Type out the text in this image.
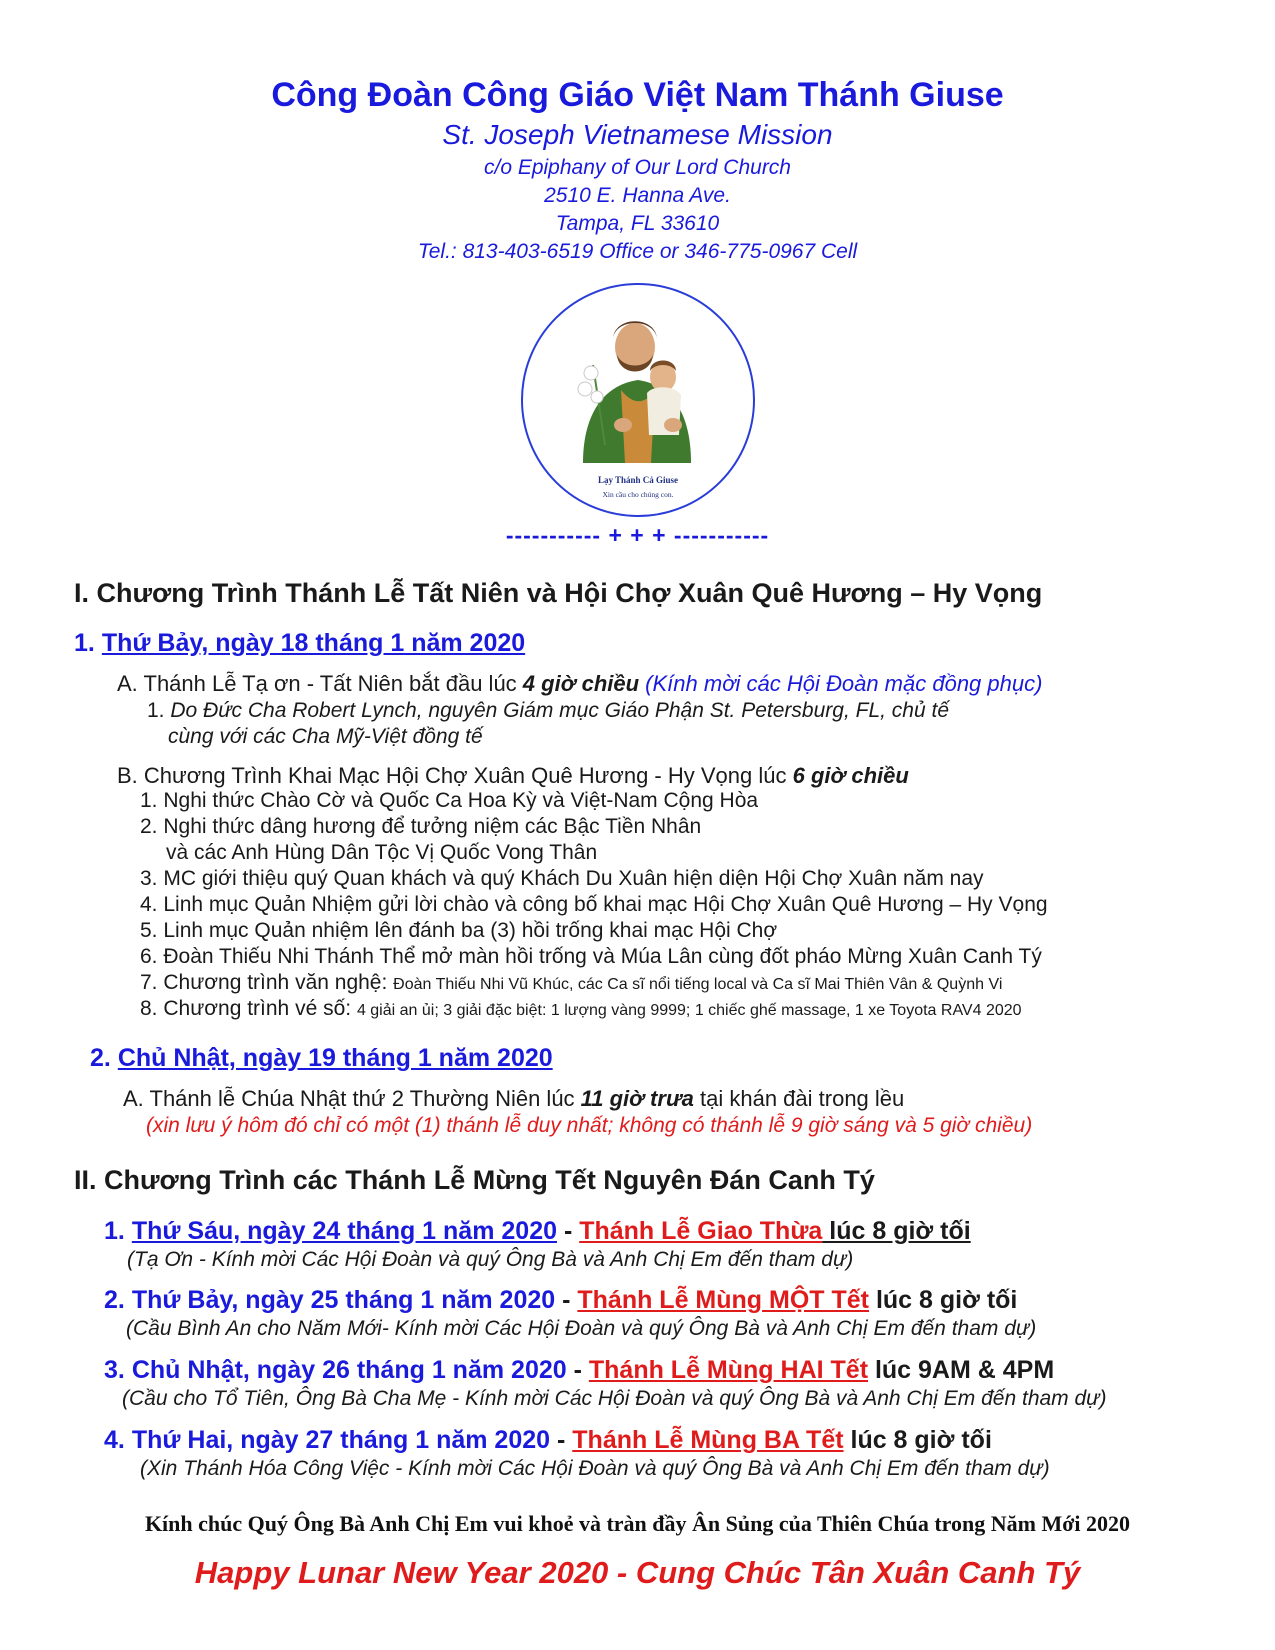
Công Đoàn Công Giáo Việt Nam Thánh Giuse
St. Joseph Vietnamese Mission
c/o Epiphany of Our Lord Church
2510 E. Hanna Ave.
Tampa, FL 33610
Tel.: 813-403-6519 Office or 346-775-0967 Cell
Lạy Thánh Cả Giuse
Xin cầu cho chúng con.
----------- + + + -----------
I. Chương Trình Thánh Lễ Tất Niên và Hội Chợ Xuân Quê Hương – Hy Vọng
1. Thứ Bảy, ngày 18 tháng 1 năm 2020
A. Thánh Lễ Tạ ơn - Tất Niên bắt đầu lúc 4 giờ chiều (Kính mời các Hội Đoàn mặc đồng phục)
1. Do Đức Cha Robert Lynch, nguyên Giám mục Giáo Phận St. Petersburg, FL, chủ tế
cùng với các Cha Mỹ-Việt đồng tế
B. Chương Trình Khai Mạc Hội Chợ Xuân Quê Hương - Hy Vọng lúc 6 giờ chiều
1. Nghi thức Chào Cờ và Quốc Ca Hoa Kỳ và Việt-Nam Cộng Hòa
2. Nghi thức dâng hương để tưởng niệm các Bậc Tiền Nhân
và các Anh Hùng Dân Tộc Vị Quốc Vong Thân
3. MC giới thiệu quý Quan khách và quý Khách Du Xuân hiện diện Hội Chợ Xuân năm nay
4. Linh mục Quản Nhiệm gửi lời chào và công bố khai mạc Hội Chợ Xuân Quê Hương – Hy Vọng
5. Linh mục Quản nhiệm lên đánh ba (3) hồi trống khai mạc Hội Chợ
6. Đoàn Thiếu Nhi Thánh Thể mở màn hồi trống và Múa Lân cùng đốt pháo Mừng Xuân Canh Tý
7. Chương trình văn nghệ: Đoàn Thiếu Nhi Vũ Khúc, các Ca sĩ nổi tiếng local và Ca sĩ Mai Thiên Vân & Quỳnh Vi
8. Chương trình vé số: 4 giải an ủi; 3 giải đặc biệt: 1 lượng vàng 9999; 1 chiếc ghế massage, 1 xe Toyota RAV4 2020
2. Chủ Nhật, ngày 19 tháng 1 năm 2020
A. Thánh lễ Chúa Nhật thứ 2 Thường Niên lúc 11 giờ trưa tại khán đài trong lều
(xin lưu ý hôm đó chỉ có một (1) thánh lễ duy nhất; không có thánh lễ 9 giờ sáng và 5 giờ chiều)
II. Chương Trình các Thánh Lễ Mừng Tết Nguyên Đán Canh Tý
1. Thứ Sáu, ngày 24 tháng 1 năm 2020 - Thánh Lễ Giao Thừa lúc 8 giờ tối
(Tạ Ơn - Kính mời Các Hội Đoàn và quý Ông Bà và Anh Chị Em đến tham dự)
2. Thứ Bảy, ngày 25 tháng 1 năm 2020 - Thánh Lễ Mùng MỘT Tết lúc 8 giờ tối
(Cầu Bình An cho Năm Mới- Kính mời Các Hội Đoàn và quý Ông Bà và Anh Chị Em đến tham dự)
3. Chủ Nhật, ngày 26 tháng 1 năm 2020 - Thánh Lễ Mùng HAI Tết lúc 9AM & 4PM
(Cầu cho Tổ Tiên, Ông Bà Cha Mẹ - Kính mời Các Hội Đoàn và quý Ông Bà và Anh Chị Em đến tham dự)
4. Thứ Hai, ngày 27 tháng 1 năm 2020 - Thánh Lễ Mùng BA Tết lúc 8 giờ tối
(Xin Thánh Hóa Công Việc - Kính mời Các Hội Đoàn và quý Ông Bà và Anh Chị Em đến tham dự)
Kính chúc Quý Ông Bà Anh Chị Em vui khoẻ và tràn đầy Ân Sủng của Thiên Chúa trong Năm Mới 2020
Happy Lunar New Year 2020 - Cung Chúc Tân Xuân Canh Tý
